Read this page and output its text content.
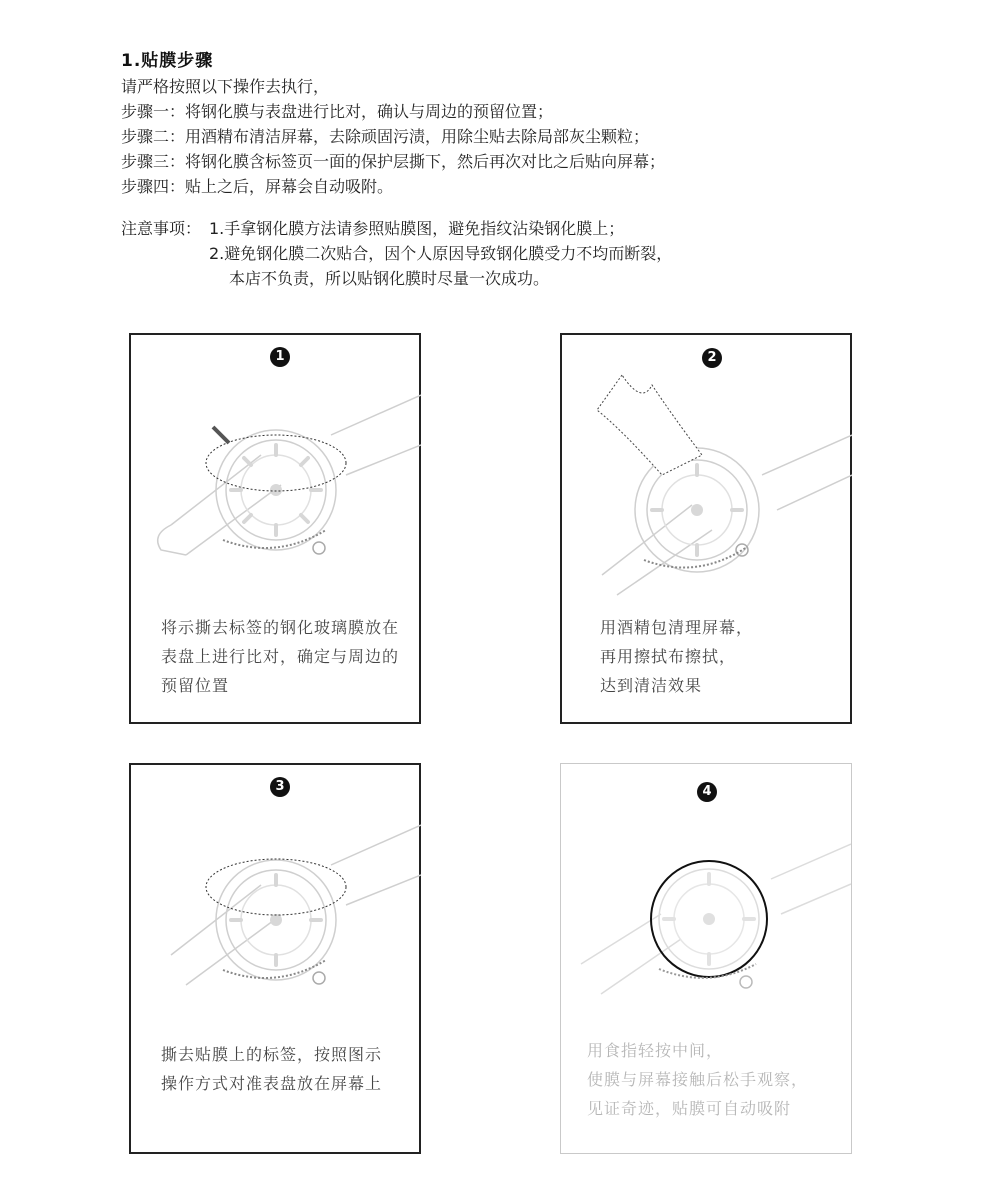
1.贴膜步骤
请严格按照以下操作去执行，
步骤一：将钢化膜与表盘进行比对，确认与周边的预留位置；
步骤二：用酒精布清洁屏幕，去除顽固污渍，用除尘贴去除局部灰尘颗粒；
步骤三：将钢化膜含标签页一面的保护层撕下，然后再次对比之后贴向屏幕；
步骤四：贴上之后，屏幕会自动吸附。
注意事项： 1.手拿钢化膜方法请参照贴膜图，避免指纹沾染钢化膜上；
2.避免钢化膜二次贴合，因个人原因导致钢化膜受力不均而断裂，
本店不负责，所以贴钢化膜时尽量一次成功。
1
将示撕去标签的钢化玻璃膜放在
表盘上进行比对，确定与周边的
预留位置
2
用酒精包清理屏幕，
再用擦拭布擦拭，
达到清洁效果
3
撕去贴膜上的标签，按照图示
操作方式对准表盘放在屏幕上
4
用食指轻按中间，
使膜与屏幕接触后松手观察，
见证奇迹，贴膜可自动吸附
